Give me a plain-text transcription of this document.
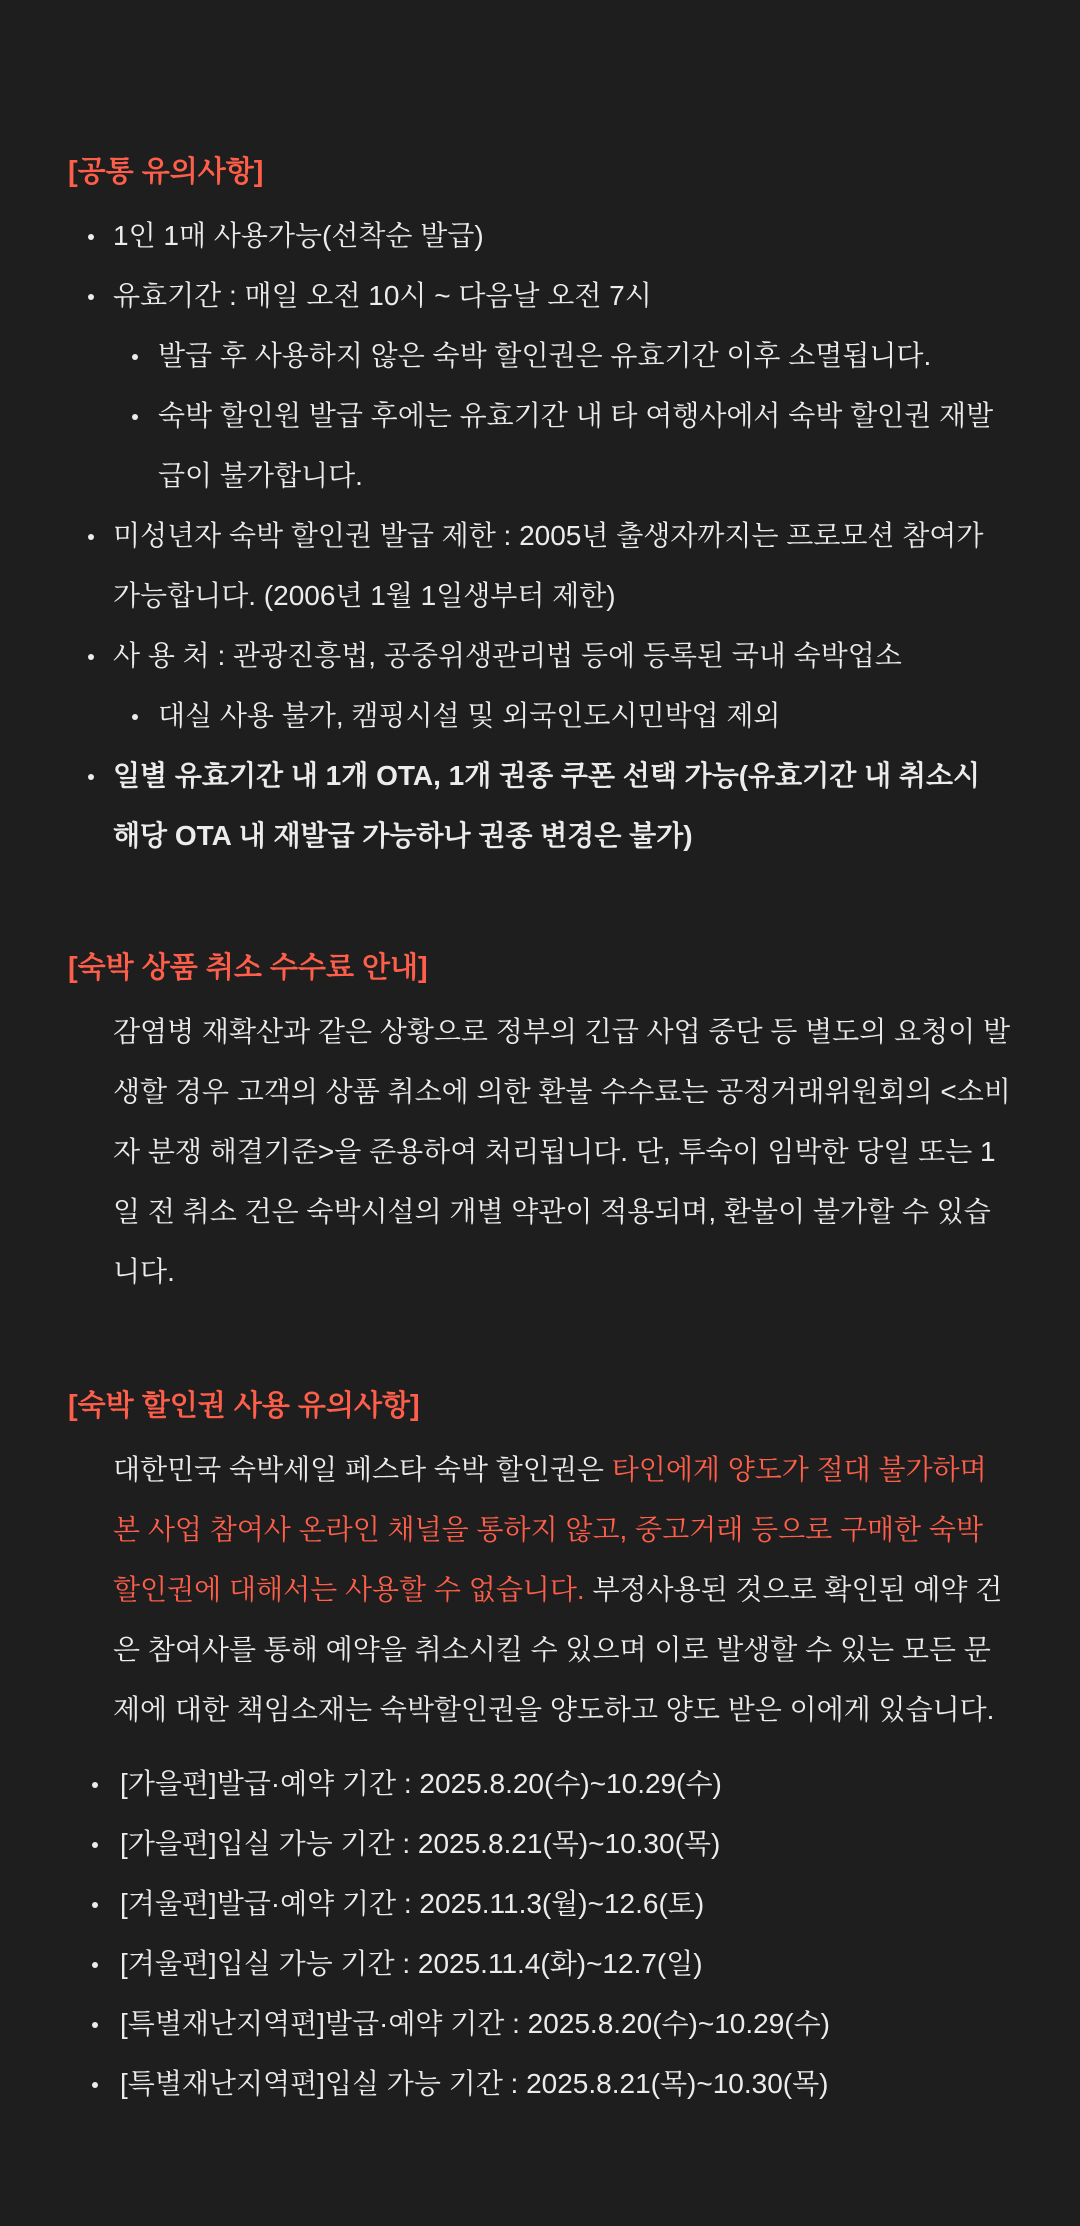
[공통 유의사항]
1인 1매 사용가능(선착순 발급)
유효기간 : 매일 오전 10시 ~ 다음날 오전 7시
발급 후 사용하지 않은 숙박 할인권은 유효기간 이후 소멸됩니다.
숙박 할인원 발급 후에는 유효기간 내 타 여행사에서 숙박 할인권 재발급이 불가합니다.
미성년자 숙박 할인권 발급 제한 : 2005년 출생자까지는 프로모션 참여가 가능합니다. (2006년 1월 1일생부터 제한)
사 용 처 : 관광진흥법, 공중위생관리법 등에 등록된 국내 숙박업소
대실 사용 불가, 캠핑시설 및 외국인도시민박업 제외
일별 유효기간 내 1개 OTA, 1개 권종 쿠폰 선택 가능(유효기간 내 취소시 해당 OTA 내 재발급 가능하나 권종 변경은 불가)
[숙박 상품 취소 수수료 안내]

감염병 재확산과 같은 상황으로 정부의 긴급 사업 중단 등 별도의 요청이 발생할 경우 고객의 상품 취소에 의한 환불 수수료는 공정거래위원회의 <소비자 분쟁 해결기준>을 준용하여 처리됩니다. 단, 투숙이 임박한 당일 또는 1일 전 취소 건은 숙박시설의 개별 약관이 적용되며, 환불이 불가할 수 있습니다.

[숙박 할인권 사용 유의사항]

대한민국 숙박세일 페스타 숙박 할인권은 타인에게 양도가 절대 불가하며 본 사업 참여사 온라인 채널을 통하지 않고, 중고거래 등으로 구매한 숙박 할인권에 대해서는 사용할 수 없습니다. 부정사용된 것으로 확인된 예약 건은 참여사를 통해 예약을 취소시킬 수 있으며 이로 발생할 수 있는 모든 문제에 대한 책임소재는 숙박할인권을 양도하고 양도 받은 이에게 있습니다.

[가을편]발급·예약 기간 : 2025.8.20(수)~10.29(수)
[가을편]입실 가능 기간 : 2025.8.21(목)~10.30(목)
[겨울편]발급·예약 기간 : 2025.11.3(월)~12.6(토)
[겨울편]입실 가능 기간 : 2025.11.4(화)~12.7(일)
[특별재난지역편]발급·예약 기간 : 2025.8.20(수)~10.29(수)
[특별재난지역편]입실 가능 기간 : 2025.8.21(목)~10.30(목)
